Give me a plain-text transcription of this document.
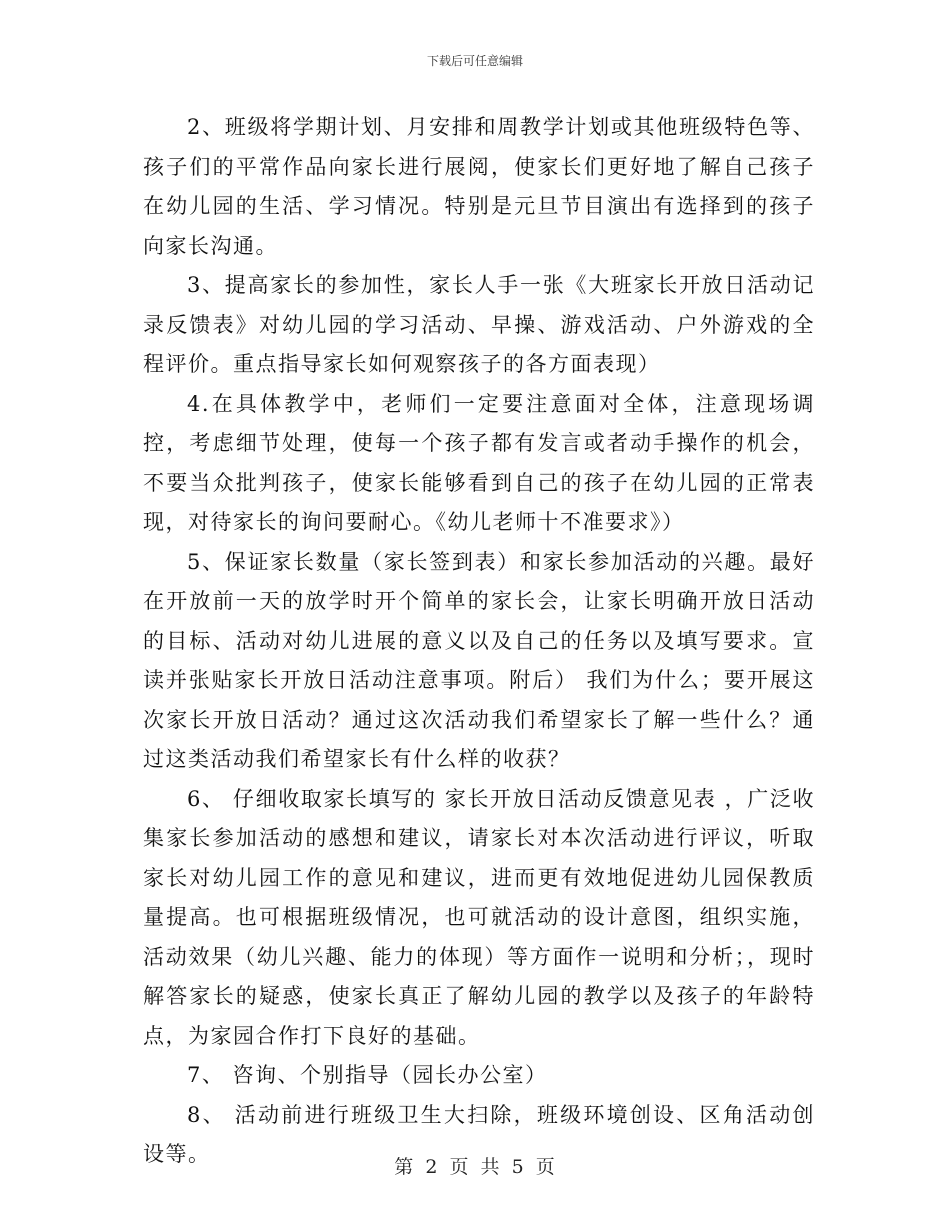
下载后可任意编辑

2、班级将学期计划、月安排和周教学计划或其他班级特色等、孩子们的平常作品向家长进行展阅，使家长们更好地了解自己孩子在幼儿园的生活、学习情况。特别是元旦节目演出有选择到的孩子向家长沟通。

3、提高家长的参加性，家长人手一张《大班家长开放日活动记录反馈表》对幼儿园的学习活动、早操、游戏活动、户外游戏的全程评价。重点指导家长如何观察孩子的各方面表现）

4.在具体教学中，老师们一定要注意面对全体，注意现场调控，考虑细节处理，使每一个孩子都有发言或者动手操作的机会，不要当众批判孩子，使家长能够看到自己的孩子在幼儿园的正常表现，对待家长的询问要耐心。《幼儿老师十不准要求》）

5、保证家长数量（家长签到表）和家长参加活动的兴趣。最好在开放前一天的放学时开个简单的家长会，让家长明确开放日活动的目标、活动对幼儿进展的意义以及自己的任务以及填写要求。宣读并张贴家长开放日活动注意事项。附后） 我们为什么；要开展这次家长开放日活动？通过这次活动我们希望家长了解一些什么？通过这类活动我们希望家长有什么样的收获？

6、 仔细收取家长填写的 家长开放日活动反馈意见表 ，广泛收集家长参加活动的感想和建议，请家长对本次活动进行评议，听取家长对幼儿园工作的意见和建议，进而更有效地促进幼儿园保教质量提高。也可根据班级情况，也可就活动的设计意图，组织实施，活动效果（幼儿兴趣、能力的体现）等方面作一说明和分析；，现时解答家长的疑惑，使家长真正了解幼儿园的教学以及孩子的年龄特点，为家园合作打下良好的基础。

7、 咨询、个别指导（园长办公室）

8、 活动前进行班级卫生大扫除，班级环境创设、区角活动创设等。

第 2 页 共 5 页
